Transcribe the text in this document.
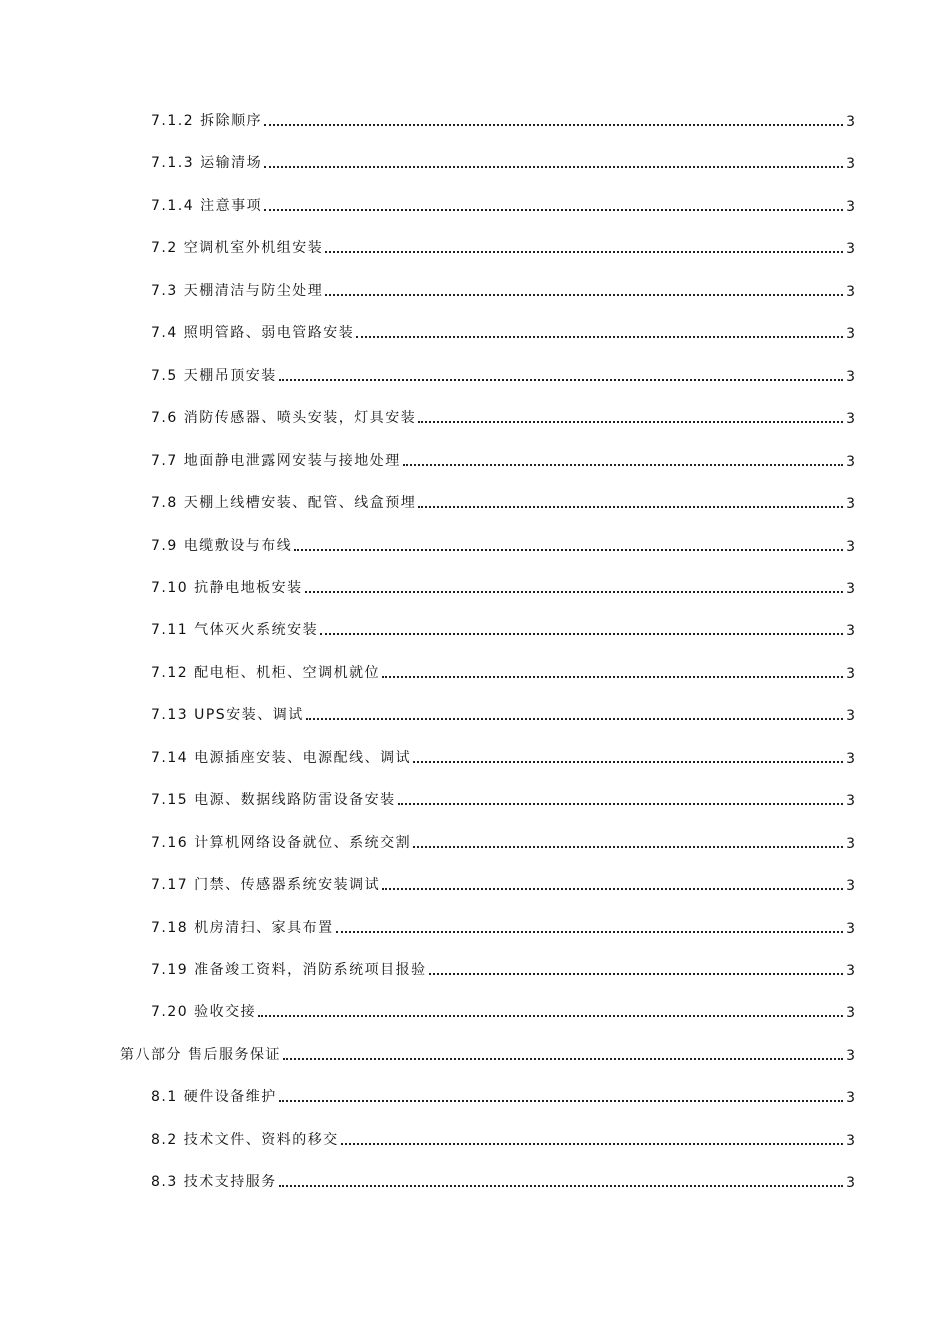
7.1.2 拆除顺序	3
7.1.3 运输清场	3
7.1.4 注意事项	3
7.2 空调机室外机组安装	3
7.3 天棚清洁与防尘处理	3
7.4 照明管路、弱电管路安装	3
7.5 天棚吊顶安装	3
7.6 消防传感器、喷头安装，灯具安装	3
7.7 地面静电泄露网安装与接地处理	3
7.8 天棚上线槽安装、配管、线盒预埋	3
7.9 电缆敷设与布线	3
7.10 抗静电地板安装	3
7.11 气体灭火系统安装	3
7.12 配电柜、机柜、空调机就位	3
7.13 UPS安装、调试	3
7.14 电源插座安装、电源配线、调试	3
7.15 电源、数据线路防雷设备安装	3
7.16 计算机网络设备就位、系统交割	3
7.17 门禁、传感器系统安装调试	3
7.18 机房清扫、家具布置	3
7.19 准备竣工资料，消防系统项目报验	3
7.20 验收交接	3
第八部分 售后服务保证	3
8.1 硬件设备维护	3
8.2 技术文件、资料的移交	3
8.3 技术支持服务	3
